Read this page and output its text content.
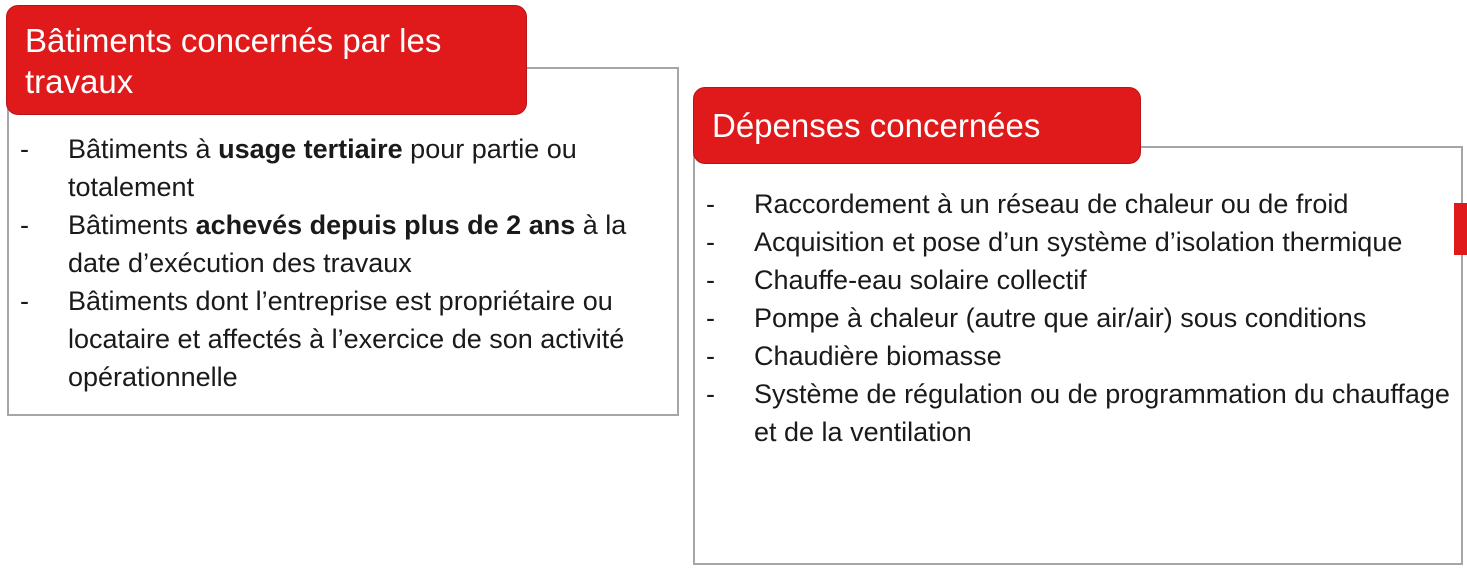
Bâtiments concernés par les travaux
- Bâtiments à usage tertiaire pour partie ou totalement
- Bâtiments achevés depuis plus de 2 ans à la date d’exécution des travaux
- Bâtiments dont l’entreprise est propriétaire ou locataire et affectés à l’exercice de son activité opérationnelle
Dépenses concernées
- Raccordement à un réseau de chaleur ou de froid
- Acquisition et pose d’un système d’isolation thermique
- Chauffe-eau solaire collectif
- Pompe à chaleur (autre que air/air) sous conditions
- Chaudière biomasse
- Système de régulation ou de programmation du chauffage et de la ventilation
